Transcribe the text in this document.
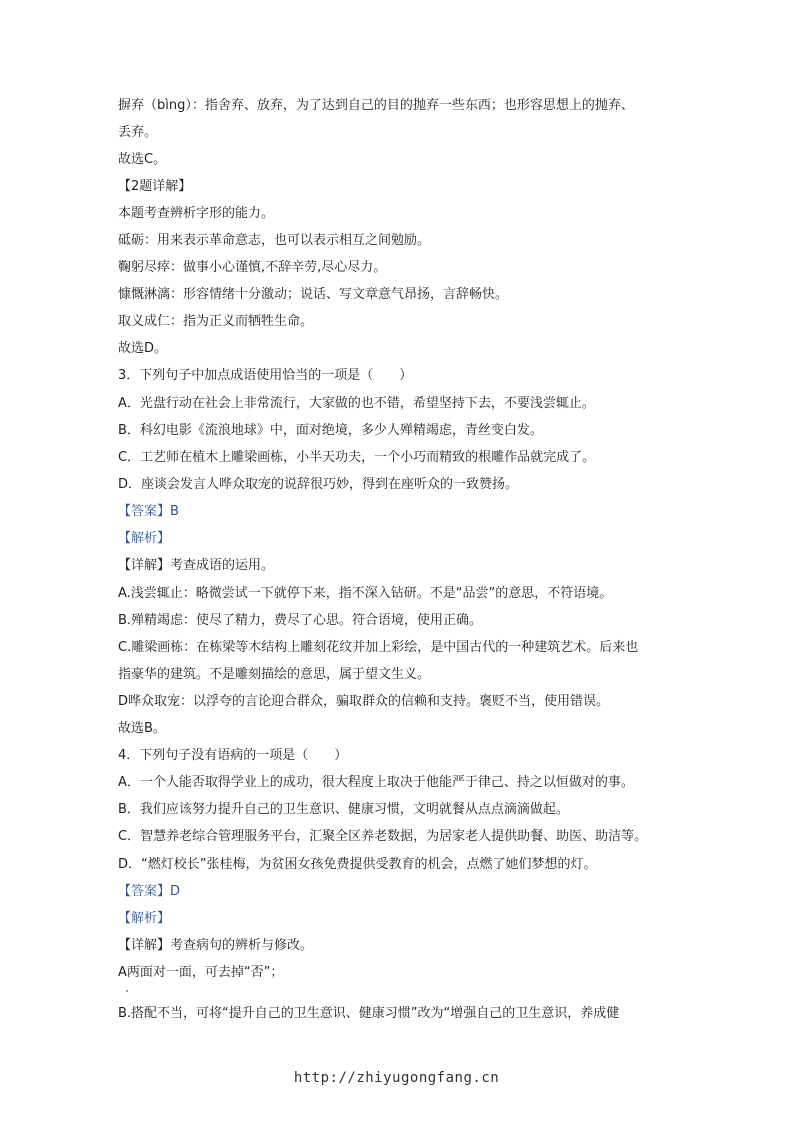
摒弃（bìng）：指舍弃、放弃，为了达到自己的目的抛弃一些东西；也形容思想上的抛弃、
丢弃。
故选C。
【2题详解】
本题考查辨析字形的能力。
砥砺：用来表示革命意志，也可以表示相互之间勉励。
鞠躬尽瘁：做事小心谨慎,不辞辛劳,尽心尽力。
慷慨淋漓：形容情绪十分激动；说话、写文章意气昂扬，言辞畅快。
取义成仁：指为正义而牺牲生命。
故选D。
3．下列句子中加点成语使用恰当的一项是（　　）
A．光盘行动在社会上非常流行，大家做的也不错，希望坚持下去，不要浅尝辄止。
B．科幻电影《流浪地球》中，面对绝境，多少人殚精竭虑，青丝变白发。
C．工艺师在植木上雕梁画栋，小半天功夫，一个小巧而精致的根雕作品就完成了。
D．座谈会发言人哗众取宠的说辞很巧妙，得到在座听众的一致赞扬。
【答案】B
【解析】
【详解】考查成语的运用。
A.浅尝辄止：略微尝试一下就停下来，指不深入钻研。不是“品尝”的意思，不符语境。
B.殚精竭虑：使尽了精力，费尽了心思。符合语境，使用正确。
C.雕梁画栋：在栋梁等木结构上雕刻花纹并加上彩绘，是中国古代的一种建筑艺术。后来也
指豪华的建筑。不是雕刻描绘的意思，属于望文生义。
D哗众取宠：以浮夸的言论迎合群众，骗取群众的信赖和支持。褒贬不当，使用错误。
故选B。
4．下列句子没有语病的一项是（　　）
A．一个人能否取得学业上的成功，很大程度上取决于他能严于律己、持之以恒做对的事。
B．我们应该努力提升自己的卫生意识、健康习惯，文明就餐从点点滴滴做起。
C．智慧养老综合管理服务平台，汇聚全区养老数据，为居家老人提供助餐、助医、助洁等。
D．“燃灯校长”张桂梅，为贫困女孩免费提供受教育的机会，点燃了她们梦想的灯。
【答案】D
【解析】
【详解】考查病句的辨析与修改。
A两面对一面，可去掉“否”；
B.搭配不当，可将“提升自己的卫生意识、健康习惯”改为“增强自己的卫生意识，养成健
http://zhiyugongfang.cn
